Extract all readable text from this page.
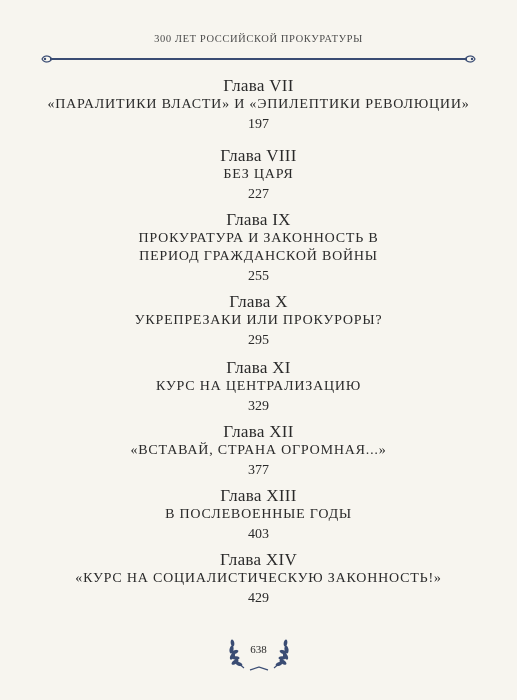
300 ЛЕТ РОССИЙСКОЙ ПРОКУРАТУРЫ
Глава VII
«ПАРАЛИТИКИ ВЛАСТИ» И «ЭПИЛЕПТИКИ РЕВОЛЮЦИИ»
197
Глава VIII
БЕЗ ЦАРЯ
227
Глава IX
ПРОКУРАТУРА И ЗАКОННОСТЬ В ПЕРИОД ГРАЖДАНСКОЙ ВОЙНЫ
255
Глава X
УКРЕПРЕЗАКИ ИЛИ ПРОКУРОРЫ?
295
Глава XI
КУРС НА ЦЕНТРАЛИЗАЦИЮ
329
Глава XII
«ВСТАВАЙ, СТРАНА ОГРОМНАЯ...»
377
Глава XIII
В ПОСЛЕВОЕННЫЕ ГОДЫ
403
Глава XIV
«КУРС НА СОЦИАЛИСТИЧЕСКУЮ ЗАКОННОСТЬ!»
429
638
